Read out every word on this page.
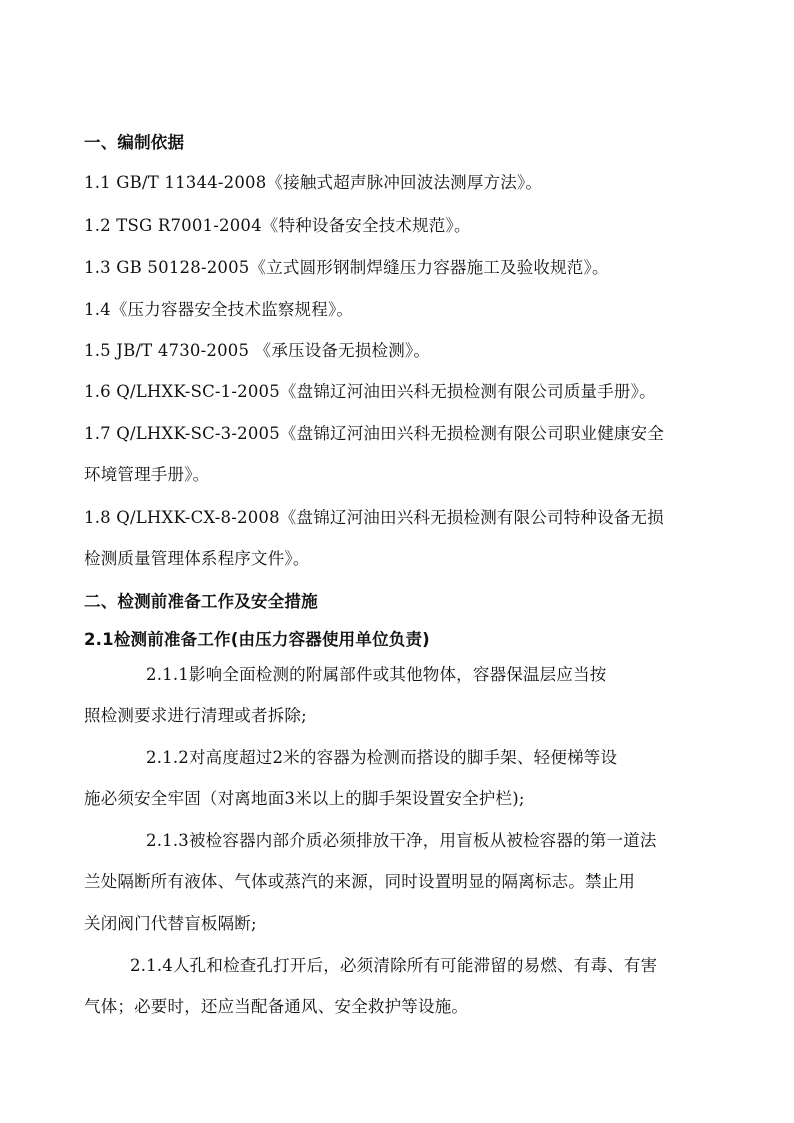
一、编制依据
1.1 GB/T 11344-2008《接触式超声脉冲回波法测厚方法》。
1.2 TSG R7001-2004《特种设备安全技术规范》。
1.3 GB 50128-2005《立式圆形钢制焊缝压力容器施工及验收规范》。
1.4《压力容器安全技术监察规程》。
1.5 JB/T 4730-2005 《承压设备无损检测》。
1.6 Q/LHXK-SC-1-2005《盘锦辽河油田兴科无损检测有限公司质量手册》。
1.7 Q/LHXK-SC-3-2005《盘锦辽河油田兴科无损检测有限公司职业健康安全
环境管理手册》。
1.8 Q/LHXK-CX-8-2008《盘锦辽河油田兴科无损检测有限公司特种设备无损
检测质量管理体系程序文件》。
二、检测前准备工作及安全措施
2.1检测前准备工作(由压力容器使用单位负责)
2.1.1影响全面检测的附属部件或其他物体，容器保温层应当按
照检测要求进行清理或者拆除;
2.1.2对高度超过2米的容器为检测而搭设的脚手架、轻便梯等设
施必须安全牢固（对离地面3米以上的脚手架设置安全护栏);
2.1.3被检容器内部介质必须排放干净，用盲板从被检容器的第一道法
兰处隔断所有液体、气体或蒸汽的来源，同时设置明显的隔离标志。禁止用
关闭阀门代替盲板隔断;
2.1.4人孔和检查孔打开后，必须清除所有可能滞留的易燃、有毒、有害
气体；必要时，还应当配备通风、安全救护等设施。
